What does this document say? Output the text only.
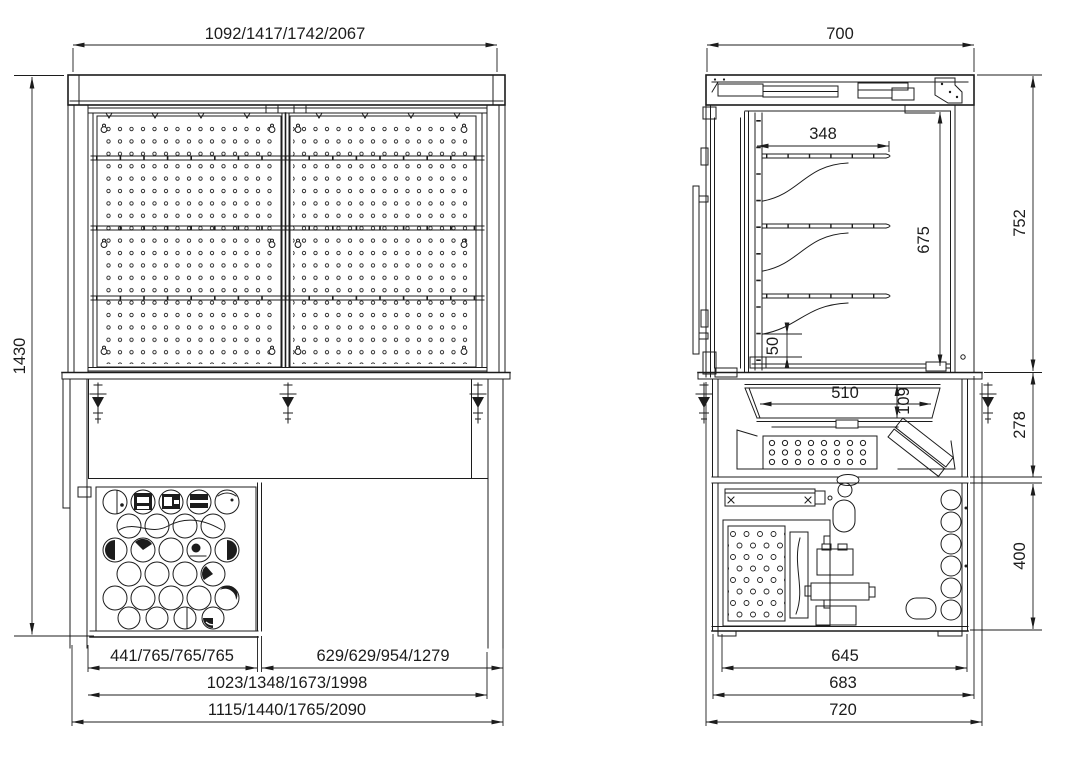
1092/1417/1742/2067
1430
441/765/765/765	629/629/954/1279
1023/1348/1673/1998
1115/1440/1765/2090
700
348
675
752
50
510 109
278
400
645
683
720
